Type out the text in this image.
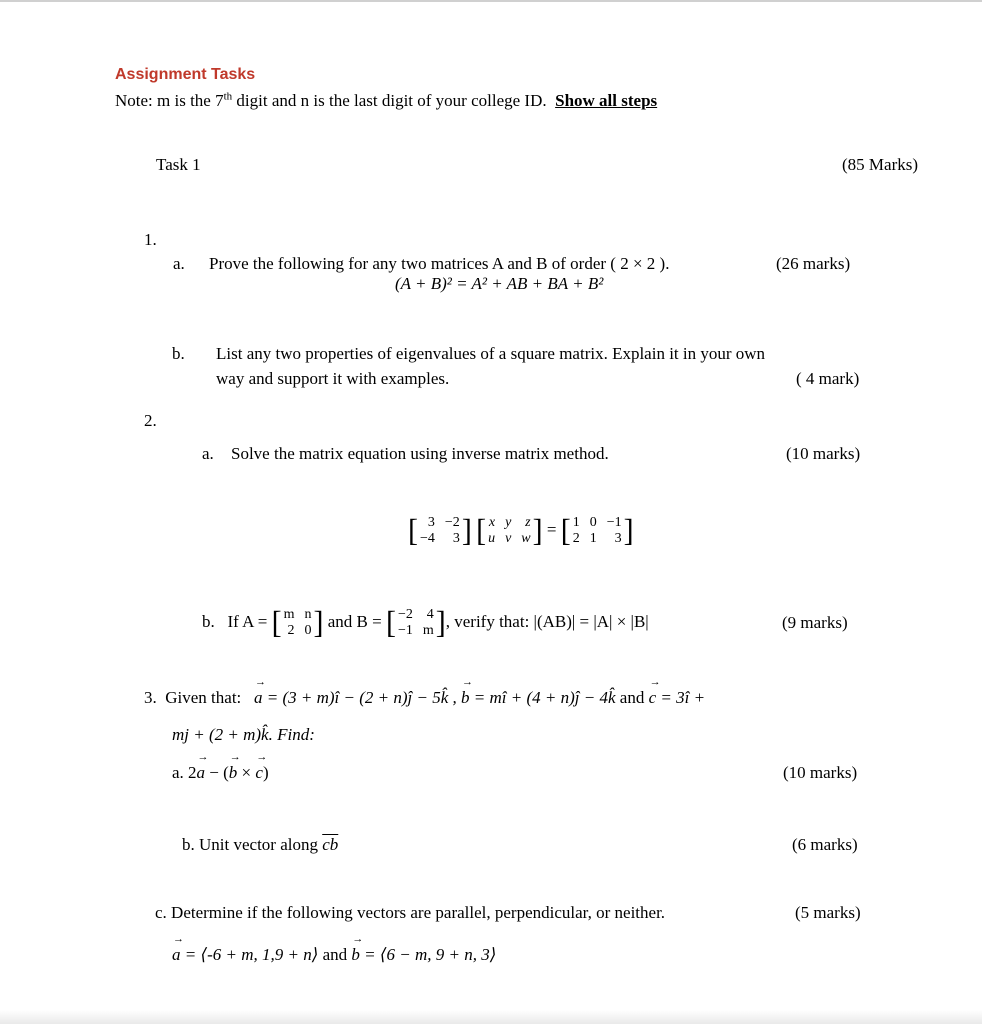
Assignment Tasks
Note: m is the 7th digit and n is the last digit of your college ID. Show all steps
Task 1	(85 Marks)
1.
a. Prove the following for any two matrices A and B of order ( 2 × 2 ).	(26 marks)
(A + B)² = A² + AB + BA + B²
b. List any two properties of eigenvalues of a square matrix. Explain it in your own
way and support it with examples.	( 4 mark)
2.
a. Solve the matrix equation using inverse matrix method.	(10 marks)
[ 3 −2
−4	3 ]
[ x y z
u v w ] = [ 1 0 −1
2 1	3 ]
b. If A = [ m n
2 0 ] and B = [ −2 4
−1 m ] , verify that: |(AB)| = |A| × |B|	(9 marks)
3. Given that: → a = (3 + m)î − (2 + n)ĵ − 5k̂ , → b = mî + (4 + n)ĵ − 4k̂ and → c = 3î +
mj + (2 + m)k̂. Find:
a. 2→ a − (→ b × → c)	(10 marks)
b. Unit vector along $\overline{cb}$	(6 marks)
c. Determine if the following vectors are parallel, perpendicular, or neither.	(5 marks)
→ a = ⟨-6 + m, 1,9 + n⟩ and → b = ⟨6 − m, 9 + n, 3⟩
